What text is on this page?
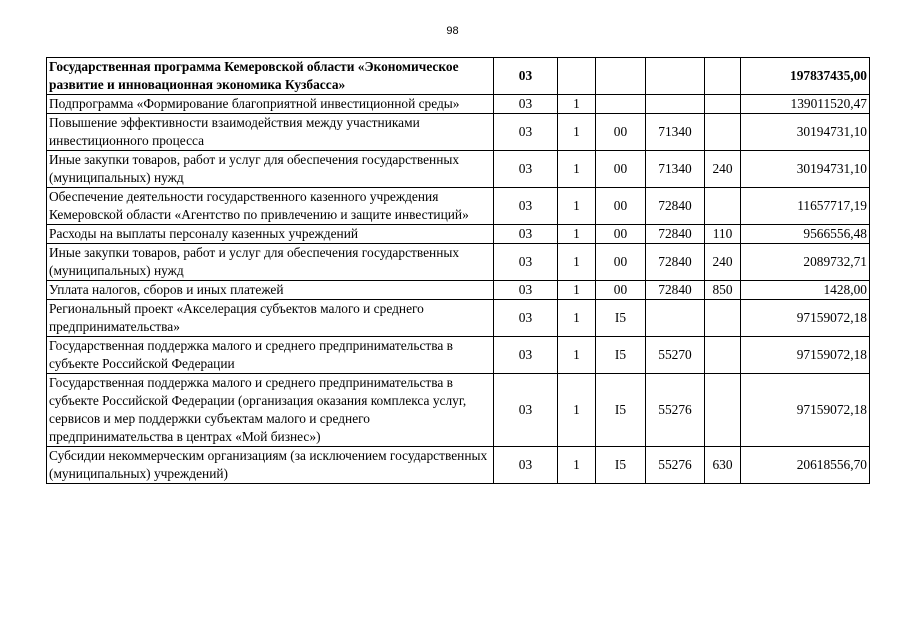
98
Государственная программа Кемеровской области «Экономическое развитие и инновационная экономика Кузбасса»	03					197837435,00
Подпрограмма «Формирование благоприятной инвестиционной среды»	03	1				139011520,47
Повышение эффективности взаимодействия между участниками инвестиционного процесса	03	1	00	71340		30194731,10
Иные закупки товаров, работ и услуг для обеспечения государственных (муниципальных) нужд	03	1	00	71340	240	30194731,10
Обеспечение деятельности государственного казенного учреждения Кемеровской области «Агентство по привлечению и защите инвестиций»	03	1	00	72840		11657717,19
Расходы на выплаты персоналу казенных учреждений	03	1	00	72840	110	9566556,48
Иные закупки товаров, работ и услуг для обеспечения государственных (муниципальных) нужд	03	1	00	72840	240	2089732,71
Уплата налогов, сборов и иных платежей	03	1	00	72840	850	1428,00
Региональный проект «Акселерация субъектов малого и среднего предпринимательства»	03	1	I5			97159072,18
Государственная поддержка малого и среднего предпринимательства в субъекте Российской Федерации	03	1	I5	55270		97159072,18
Государственная поддержка малого и среднего предпринимательства в субъекте Российской Федерации (организация оказания комплекса услуг, сервисов и мер поддержки субъектам малого и среднего предпринимательства в центрах «Мой бизнес»)	03	1	I5	55276		97159072,18
Субсидии некоммерческим организациям (за исключением государственных (муниципальных) учреждений)	03	1	I5	55276	630	20618556,70
